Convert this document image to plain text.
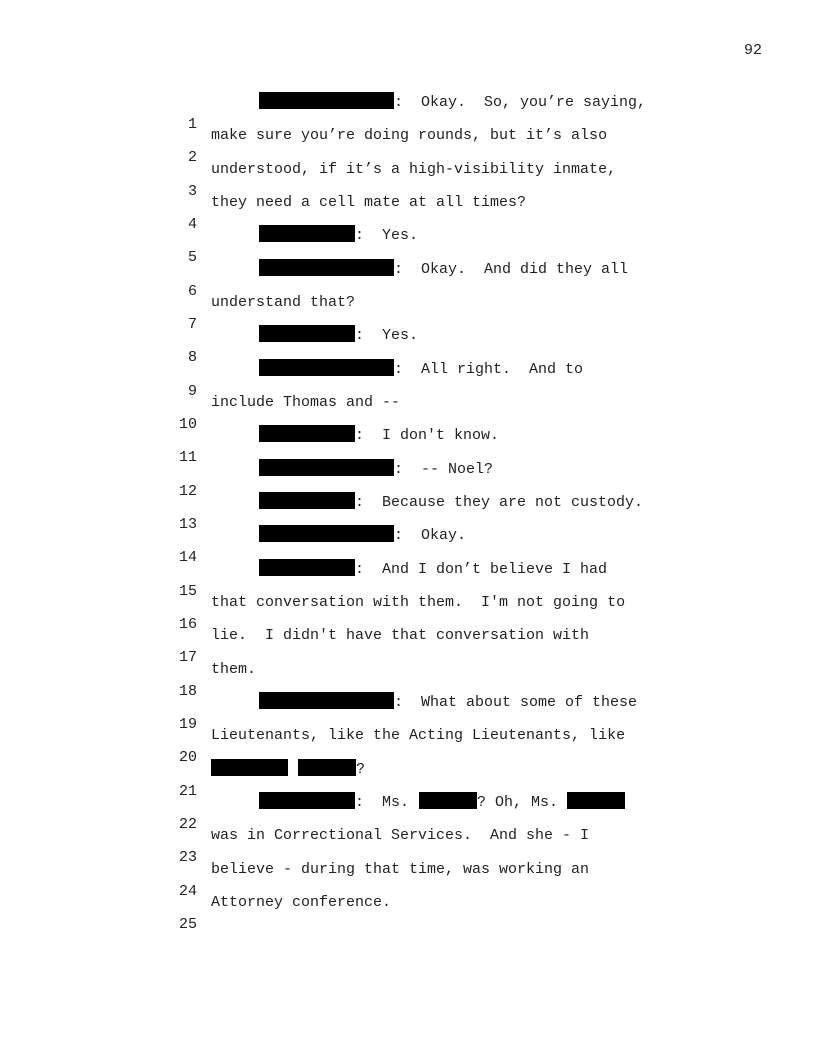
92

1

:  Okay.  So, you’re saying,

2

make sure you’re doing rounds, but it’s also

3

understood, if it’s a high-visibility inmate,

4

they need a cell mate at all times?

5

:  Yes.

6

:  Okay.  And did they all

7

understand that?

8

:  Yes.

9

:  All right.  And to

10

include Thomas and --

11

:  I don't know.

12

:  -- Noel?

13

:  Because they are not custody.

14

:  Okay.

15

:  And I don’t believe I had

16

that conversation with them.  I'm not going to

17

lie.  I didn't have that conversation with

18

them.

19

:  What about some of these

20

Lieutenants, like the Acting Lieutenants, like

21

?

22

:  Ms.	? Oh, Ms.

23

was in Correctional Services.  And she - I

24

believe - during that time, was working an

25

Attorney conference.
